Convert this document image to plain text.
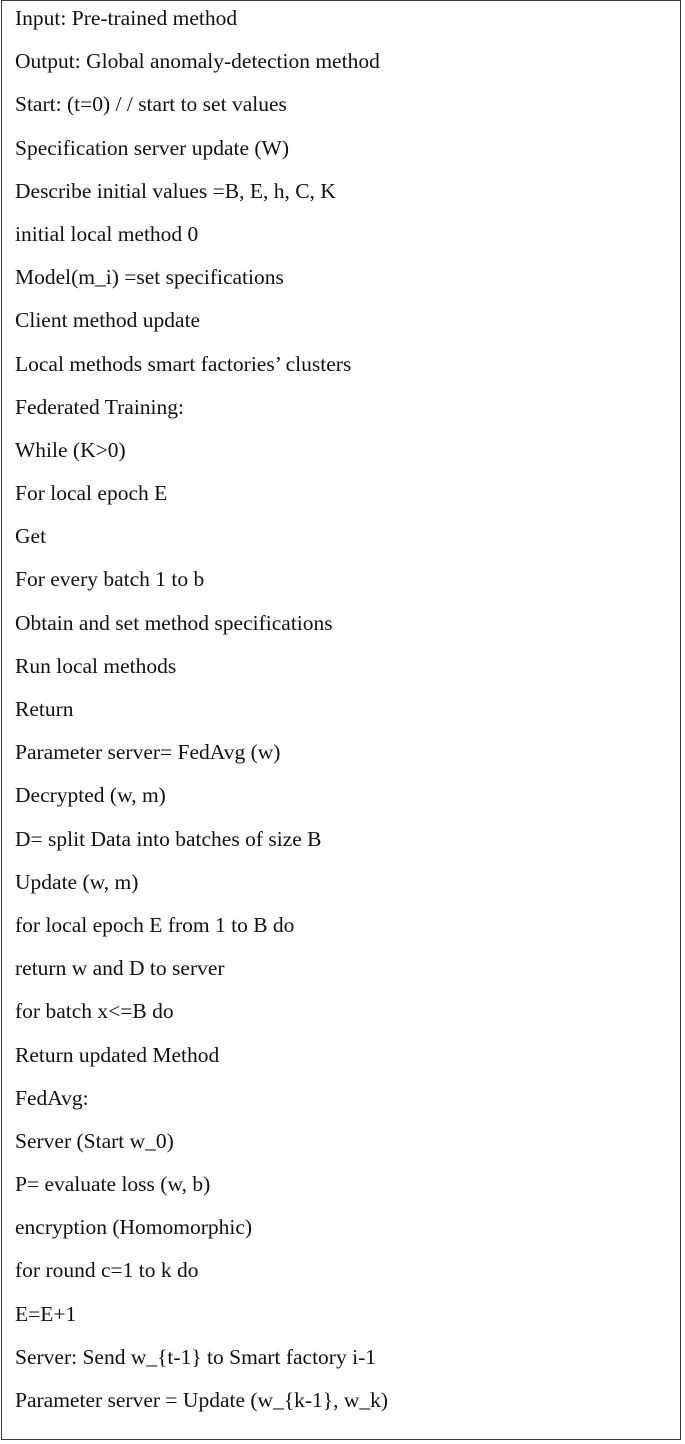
Input: Pre-trained method
Output: Global anomaly-detection method
Start: (t=0) / / start to set values
Specification server update (W)
Describe initial values =B, E, h, C, K
initial local method 0
Model(m_i) =set specifications
Client method update
Local methods smart factories’ clusters
Federated Training:
While (K>0)
For local epoch E
Get
For every batch 1 to b
Obtain and set method specifications
Run local methods
Return
Parameter server= FedAvg (w)
Decrypted (w, m)
D= split Data into batches of size B
Update (w, m)
for local epoch E from 1 to B do
return w and D to server
for batch x<=B do
Return updated Method
FedAvg:
Server (Start w_0)
P= evaluate loss (w, b)
encryption (Homomorphic)
for round c=1 to k do
E=E+1
Server: Send w_{t-1} to Smart factory i-1
Parameter server = Update (w_{k-1}, w_k)
